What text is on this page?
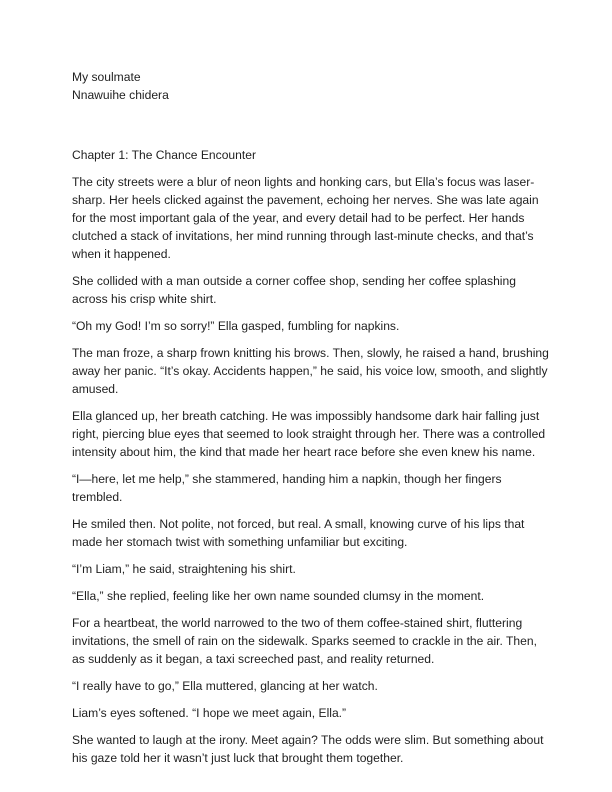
My soulmate

Nnawuihe chidera

Chapter 1: The Chance Encounter

The city streets were a blur of neon lights and honking cars, but Ella’s focus was laser-sharp. Her heels clicked against the pavement, echoing her nerves. She was late again for the most important gala of the year, and every detail had to be perfect. Her hands clutched a stack of invitations, her mind running through last-minute checks, and that’s when it happened.

She collided with a man outside a corner coffee shop, sending her coffee splashing across his crisp white shirt.

“Oh my God! I’m so sorry!” Ella gasped, fumbling for napkins.

The man froze, a sharp frown knitting his brows. Then, slowly, he raised a hand, brushing away her panic. “It’s okay. Accidents happen,” he said, his voice low, smooth, and slightly amused.

Ella glanced up, her breath catching. He was impossibly handsome dark hair falling just right, piercing blue eyes that seemed to look straight through her. There was a controlled intensity about him, the kind that made her heart race before she even knew his name.

“I—here, let me help,” she stammered, handing him a napkin, though her fingers trembled.

He smiled then. Not polite, not forced, but real. A small, knowing curve of his lips that made her stomach twist with something unfamiliar but exciting.

“I’m Liam,” he said, straightening his shirt.

“Ella,” she replied, feeling like her own name sounded clumsy in the moment.

For a heartbeat, the world narrowed to the two of them coffee-stained shirt, fluttering invitations, the smell of rain on the sidewalk. Sparks seemed to crackle in the air. Then, as suddenly as it began, a taxi screeched past, and reality returned.

“I really have to go,” Ella muttered, glancing at her watch.

Liam’s eyes softened. “I hope we meet again, Ella.”

She wanted to laugh at the irony. Meet again? The odds were slim. But something about his gaze told her it wasn’t just luck that brought them together.
